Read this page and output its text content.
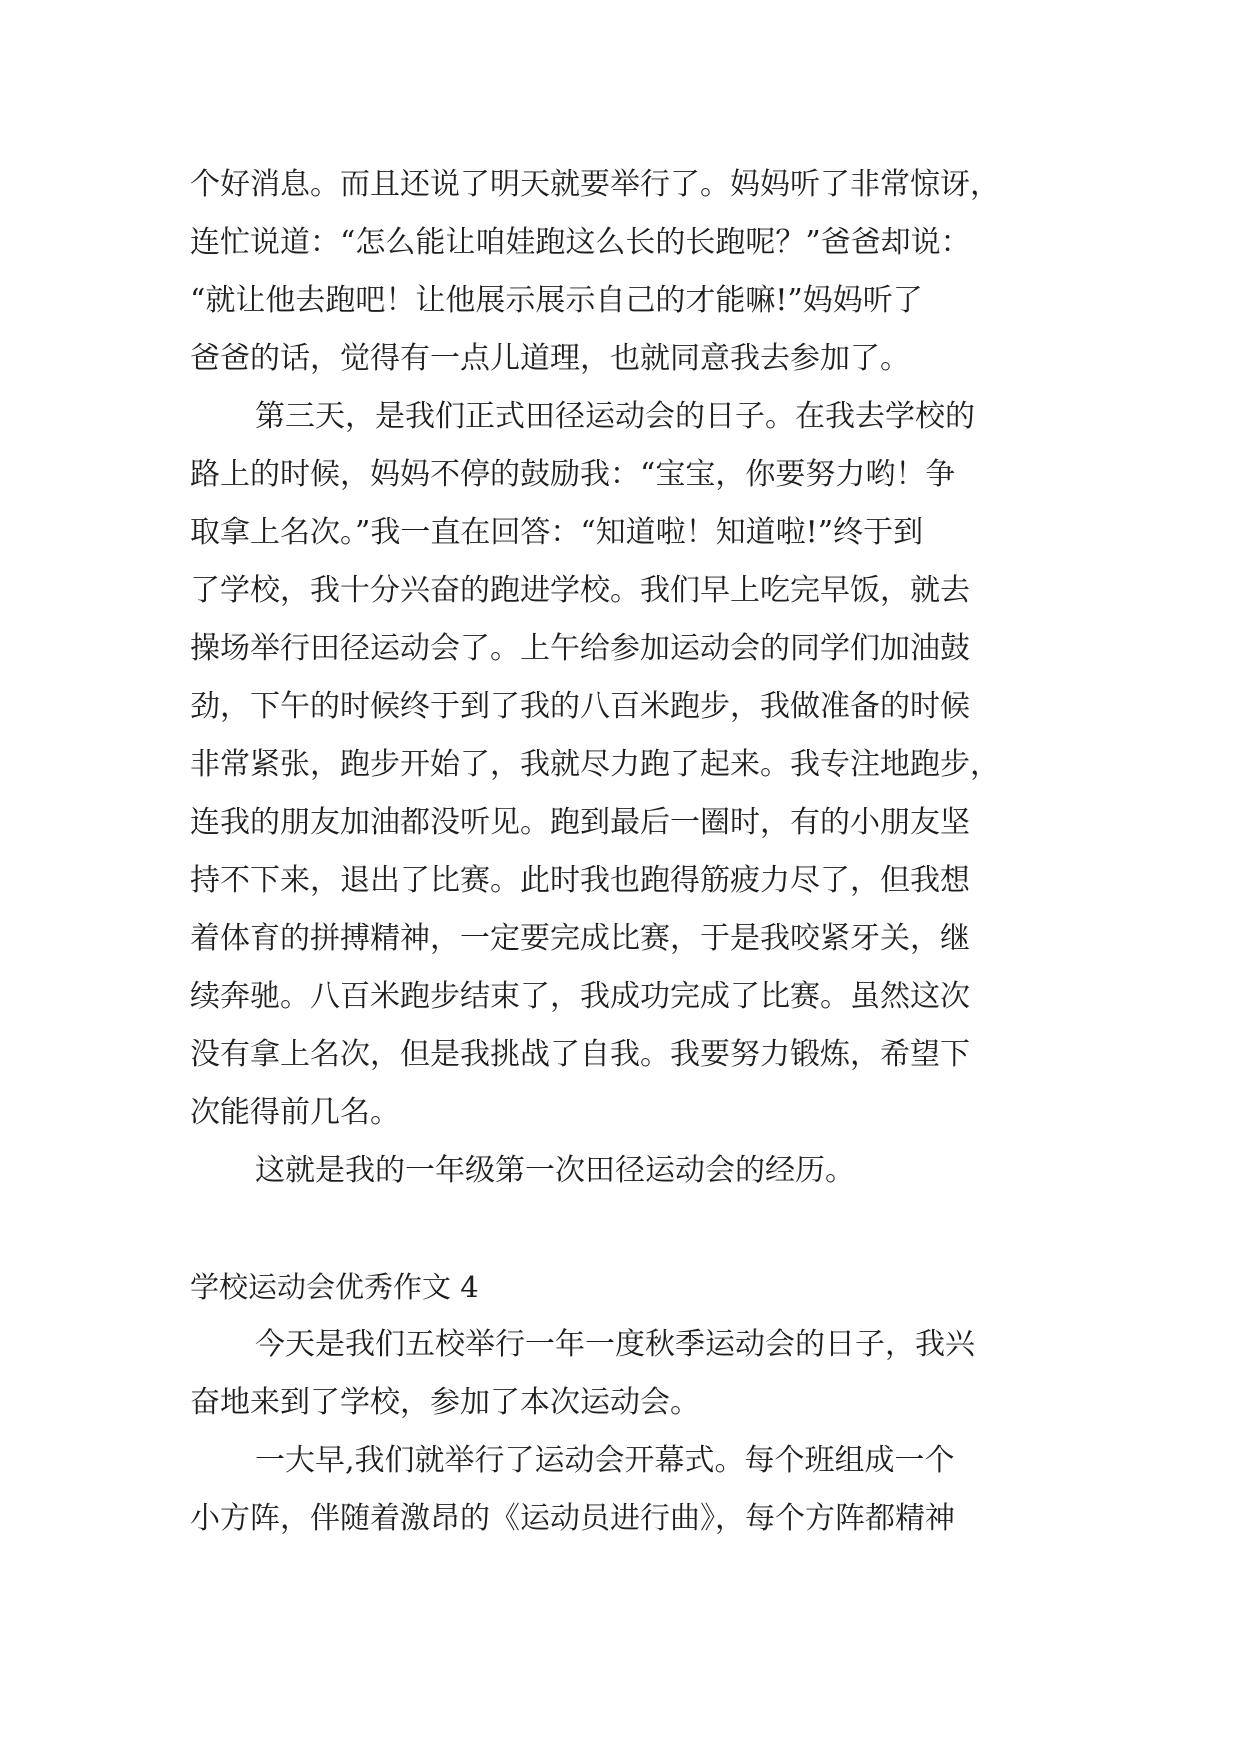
个好消息。而且还说了明天就要举行了。妈妈听了非常惊讶，
连忙说道：“怎么能让咱娃跑这么长的长跑呢？”爸爸却说：
“就让他去跑吧！让他展示展示自己的才能嘛!”妈妈听了
爸爸的话，觉得有一点儿道理，也就同意我去参加了。
第三天，是我们正式田径运动会的日子。在我去学校的
路上的时候，妈妈不停的鼓励我：“宝宝，你要努力哟！争
取拿上名次。”我一直在回答：“知道啦！知道啦!”终于到
了学校，我十分兴奋的跑进学校。我们早上吃完早饭，就去
操场举行田径运动会了。上午给参加运动会的同学们加油鼓
劲，下午的时候终于到了我的八百米跑步，我做准备的时候
非常紧张，跑步开始了，我就尽力跑了起来。我专注地跑步，
连我的朋友加油都没听见。跑到最后一圈时，有的小朋友坚
持不下来，退出了比赛。此时我也跑得筋疲力尽了，但我想
着体育的拼搏精神，一定要完成比赛，于是我咬紧牙关，继
续奔驰。八百米跑步结束了，我成功完成了比赛。虽然这次
没有拿上名次，但是我挑战了自我。我要努力锻炼，希望下
次能得前几名。
这就是我的一年级第一次田径运动会的经历。
学校运动会优秀作文 4
今天是我们五校举行一年一度秋季运动会的日子，我兴
奋地来到了学校，参加了本次运动会。
一大早,我们就举行了运动会开幕式。每个班组成一个
小方阵，伴随着激昂的《运动员进行曲》，每个方阵都精神
